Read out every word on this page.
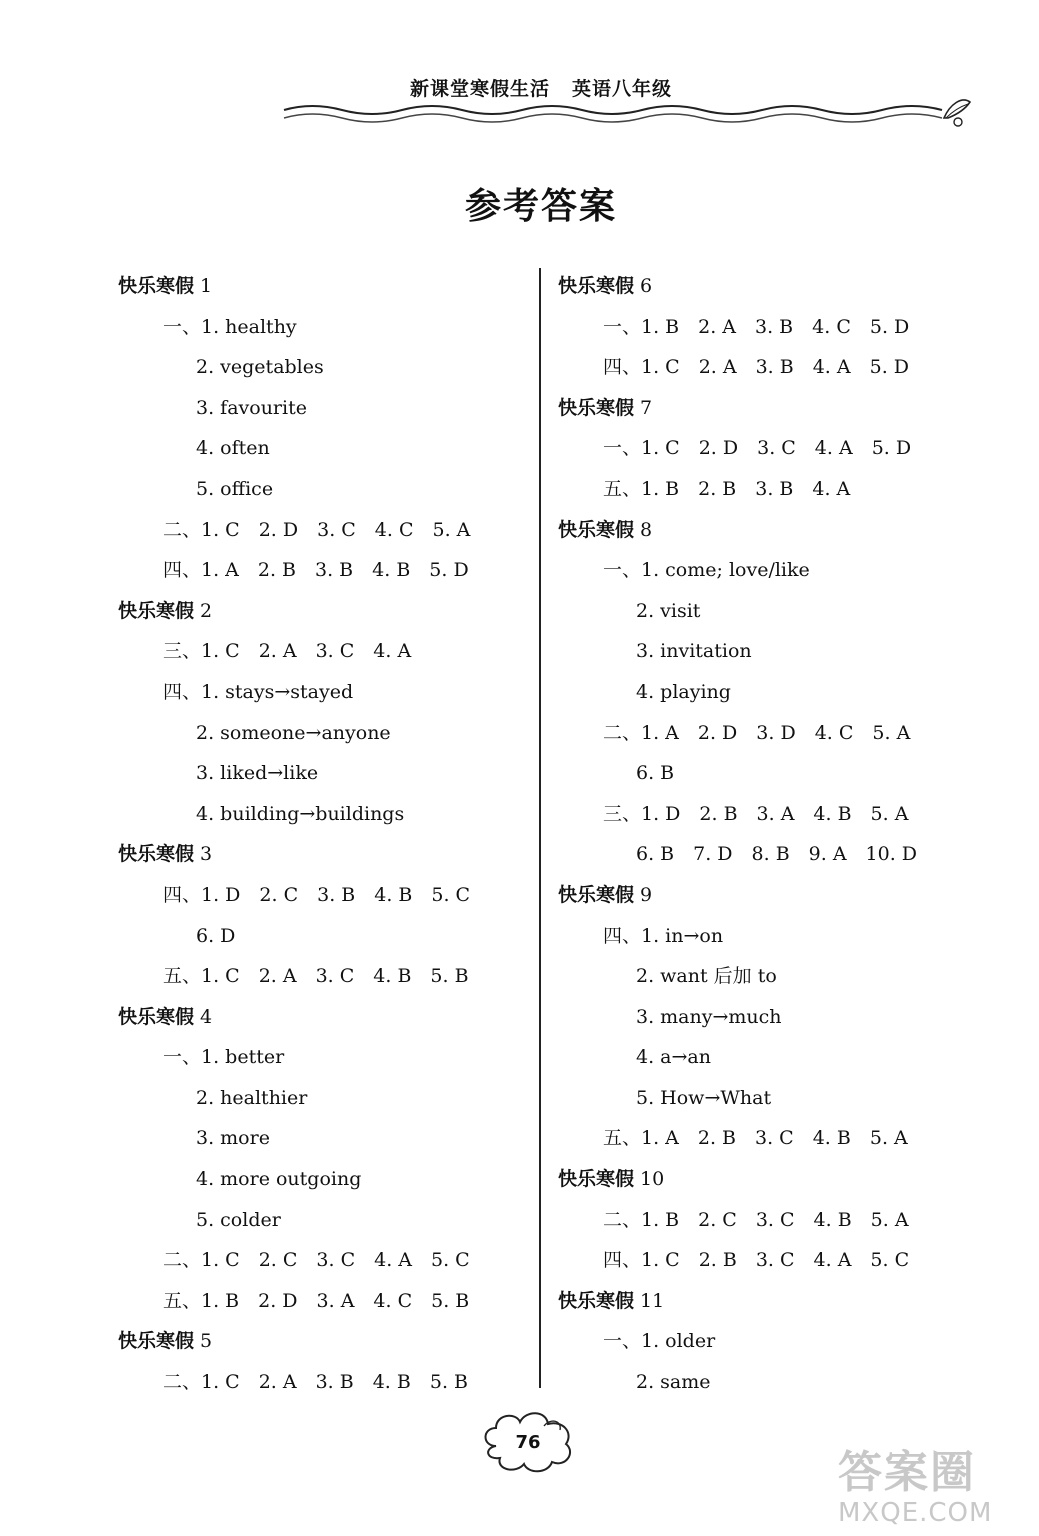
新课堂寒假生活 英语八年级
参考答案
快乐寒假 1
一、1. healthy
2. vegetables
3. favourite
4. often
5. office
二、1. C　2. D　3. C　4. C　5. A
四、1. A　2. B　3. B　4. B　5. D
快乐寒假 2
三、1. C　2. A　3. C　4. A
四、1. stays→stayed
2. someone→anyone
3. liked→like
4. building→buildings
快乐寒假 3
四、1. D　2. C　3. B　4. B　5. C
6. D
五、1. C　2. A　3. C　4. B　5. B
快乐寒假 4
一、1. better
2. healthier
3. more
4. more outgoing
5. colder
二、1. C　2. C　3. C　4. A　5. C
五、1. B　2. D　3. A　4. C　5. B
快乐寒假 5
二、1. C　2. A　3. B　4. B　5. B
快乐寒假 6
一、1. B　2. A　3. B　4. C　5. D
四、1. C　2. A　3. B　4. A　5. D
快乐寒假 7
一、1. C　2. D　3. C　4. A　5. D
五、1. B　2. B　3. B　4. A
快乐寒假 8
一、1. come; love/like
2. visit
3. invitation
4. playing
二、1. A　2. D　3. D　4. C　5. A
6. B
三、1. D　2. B　3. A　4. B　5. A
6. B　7. D　8. B　9. A　10. D
快乐寒假 9
四、1. in→on
2. want 后加 to
3. many→much
4. a→an
5. How→What
五、1. A　2. B　3. C　4. B　5. A
快乐寒假 10
二、1. B　2. C　3. C　4. B　5. A
四、1. C　2. B　3. C　4. A　5. C
快乐寒假 11
一、1. older
2. same
76
答案圈
MXQE.COM
